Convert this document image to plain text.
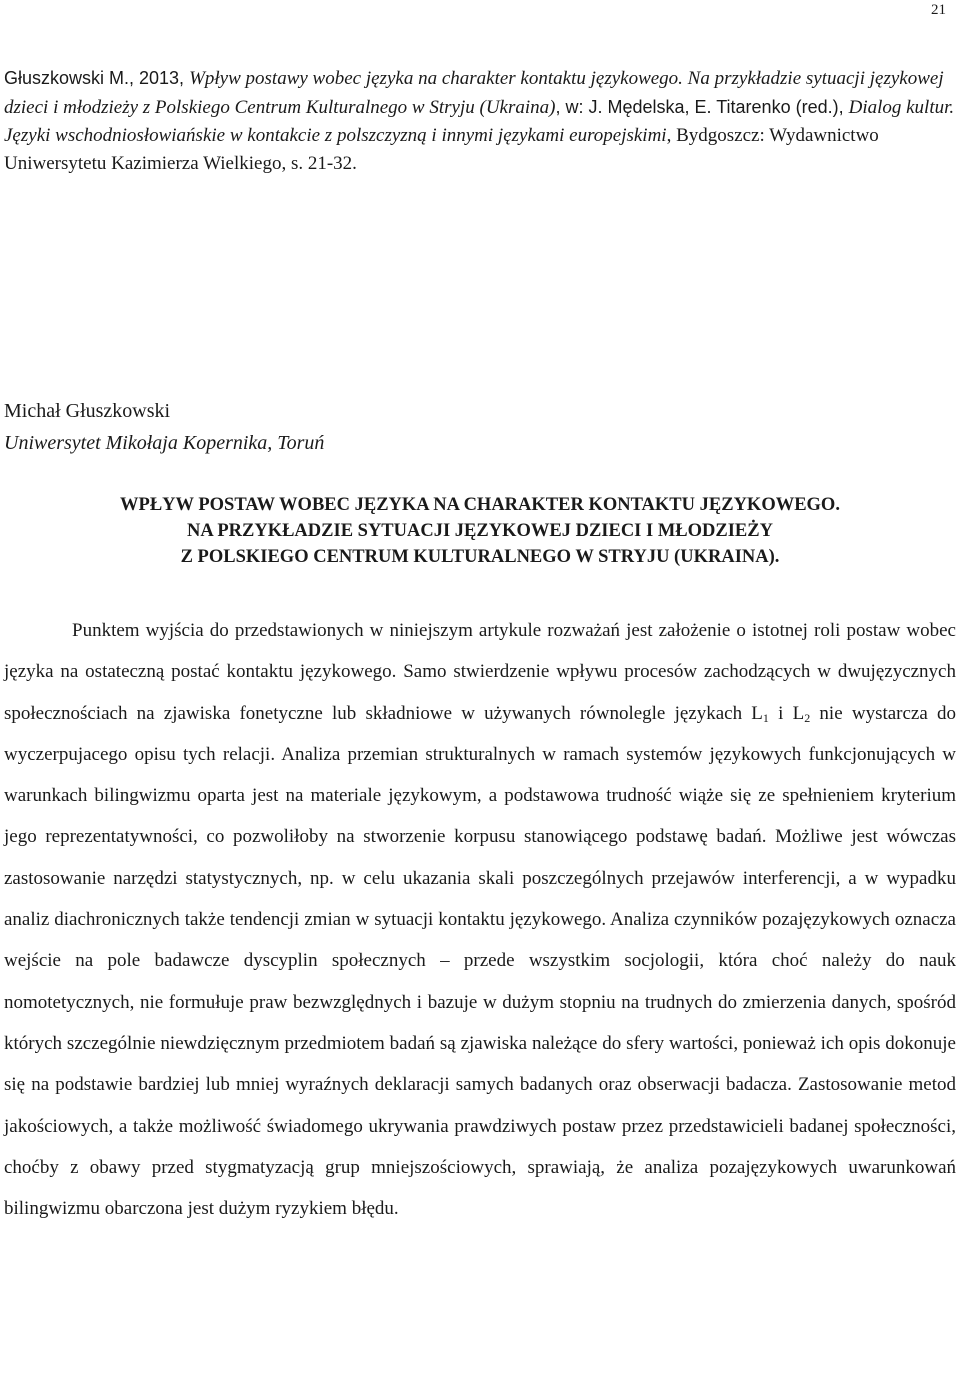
21
Głuszkowski M., 2013, Wpływ postawy wobec języka na charakter kontaktu językowego. Na przykładzie sytuacji językowej dzieci i młodzieży z Polskiego Centrum Kulturalnego w Stryju (Ukraina), w: J. Mędelska, E. Titarenko (red.), Dialog kultur. Języki wschodniosłowiańskie w kontakcie z polszczyzną i innymi językami europejskimi, Bydgoszcz: Wydawnictwo Uniwersytetu Kazimierza Wielkiego, s. 21-32.
Michał Głuszkowski
Uniwersytet Mikołaja Kopernika, Toruń
WPŁYW POSTAW WOBEC JĘZYKA NA CHARAKTER KONTAKTU JĘZYKOWEGO.
NA PRZYKŁADZIE SYTUACJI JĘZYKOWEJ DZIECI I MŁODZIEŻY
Z POLSKIEGO CENTRUM KULTURALNEGO W STRYJU (UKRAINA).
Punktem wyjścia do przedstawionych w niniejszym artykule rozważań jest założenie o istotnej roli postaw wobec języka na ostateczną postać kontaktu językowego. Samo stwierdzenie wpływu procesów zachodzących w dwujęzycznych społecznościach na zjawiska fonetyczne lub składniowe w używanych równolegle językach $L_1$ i $L_2$ nie wystarcza do wyczerpujacego opisu tych relacji. Analiza przemian strukturalnych w ramach systemów językowych funkcjonujących w warunkach bilingwizmu oparta jest na materiale językowym, a podstawowa trudność wiąże się ze spełnieniem kryterium jego reprezentatywności, co pozwoliłoby na stworzenie korpusu stanowiącego podstawę badań. Możliwe jest wówczas zastosowanie narzędzi statystycznych, np. w celu ukazania skali poszczególnych przejawów interferencji, a w wypadku analiz diachronicznych także tendencji zmian w sytuacji kontaktu językowego. Analiza czynników pozajęzykowych oznacza wejście na pole badawcze dyscyplin społecznych – przede wszystkim socjologii, która choć należy do nauk nomotetycznych, nie formułuje praw bezwzględnych i bazuje w dużym stopniu na trudnych do zmierzenia danych, spośród których szczególnie niewdzięcznym przedmiotem badań są zjawiska należące do sfery wartości, ponieważ ich opis dokonuje się na podstawie bardziej lub mniej wyraźnych deklaracji samych badanych oraz obserwacji badacza. Zastosowanie metod jakościowych, a także możliwość świadomego ukrywania prawdziwych postaw przez przedstawicieli badanej społeczności, choćby z obawy przed stygmatyzacją grup mniejszościowych, sprawiają, że analiza pozajęzykowych uwarunkowań bilingwizmu obarczona jest dużym ryzykiem błędu.
